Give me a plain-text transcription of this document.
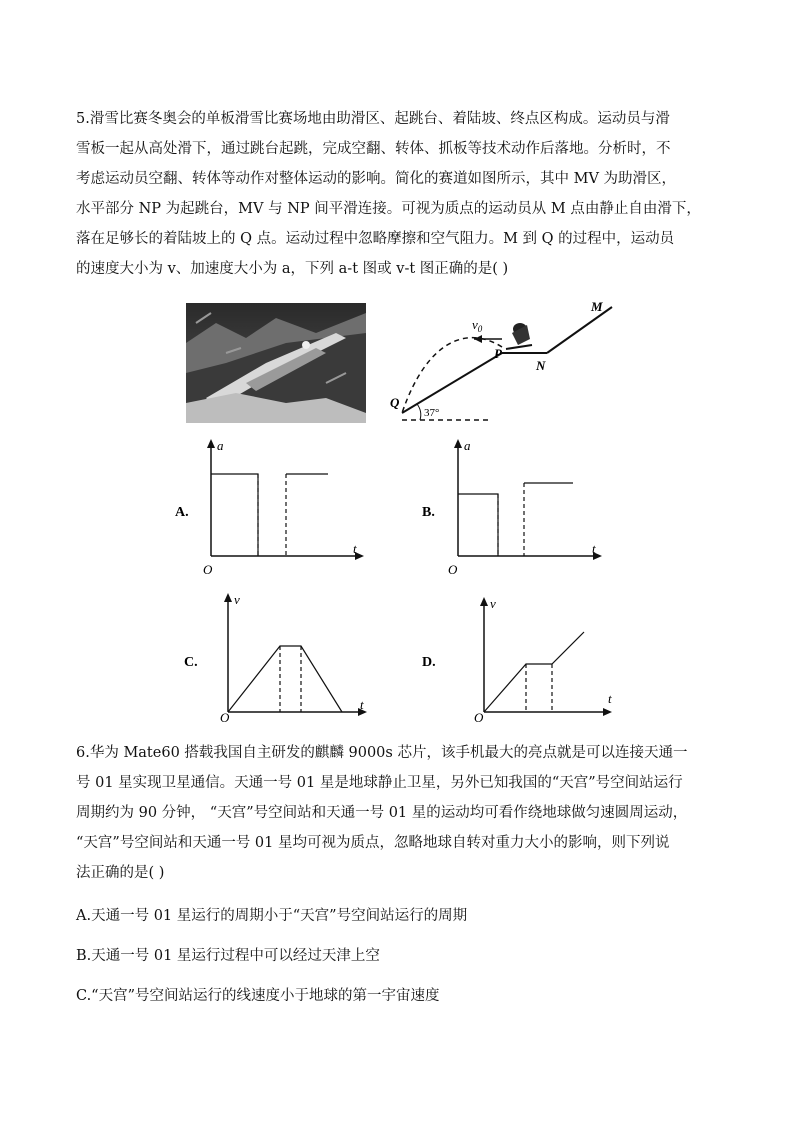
5.滑雪比赛冬奥会的单板滑雪比赛场地由助滑区、起跳台、着陆坡、终点区构成。运动员与滑
雪板一起从高处滑下，通过跳台起跳，完成空翻、转体、抓板等技术动作后落地。分析时，不
考虑运动员空翻、转体等动作对整体运动的影响。简化的赛道如图所示，其中 MV 为助滑区，
水平部分 NP 为起跳台，MV 与 NP 间平滑连接。可视为质点的运动员从 M 点由静止自由滑下，
落在足够长的着陆坡上的 Q 点。运动过程中忽略摩擦和空气阻力。M 到 Q 的过程中，运动员
的速度大小为 v、加速度大小为 a，下列 a-t 图或 v-t 图正确的是( )
37°
Q
P
N
M
$v_0$
A.
a
t
O
B.
a
t
O
C.
v
t
O
D.
v
t
O
6.华为 Mate60 搭载我国自主研发的麒麟 9000s 芯片，该手机最大的亮点就是可以连接天通一
号 01 星实现卫星通信。天通一号 01 星是地球静止卫星，另外已知我国的“天宫”号空间站运行
周期约为 90 分钟， “天宫”号空间站和天通一号 01 星的运动均可看作绕地球做匀速圆周运动，
“天宫”号空间站和天通一号 01 星均可视为质点，忽略地球自转对重力大小的影响，则下列说
法正确的是( )
A.天通一号 01 星运行的周期小于“天宫”号空间站运行的周期
B.天通一号 01 星运行过程中可以经过天津上空
C.“天宫”号空间站运行的线速度小于地球的第一宇宙速度
